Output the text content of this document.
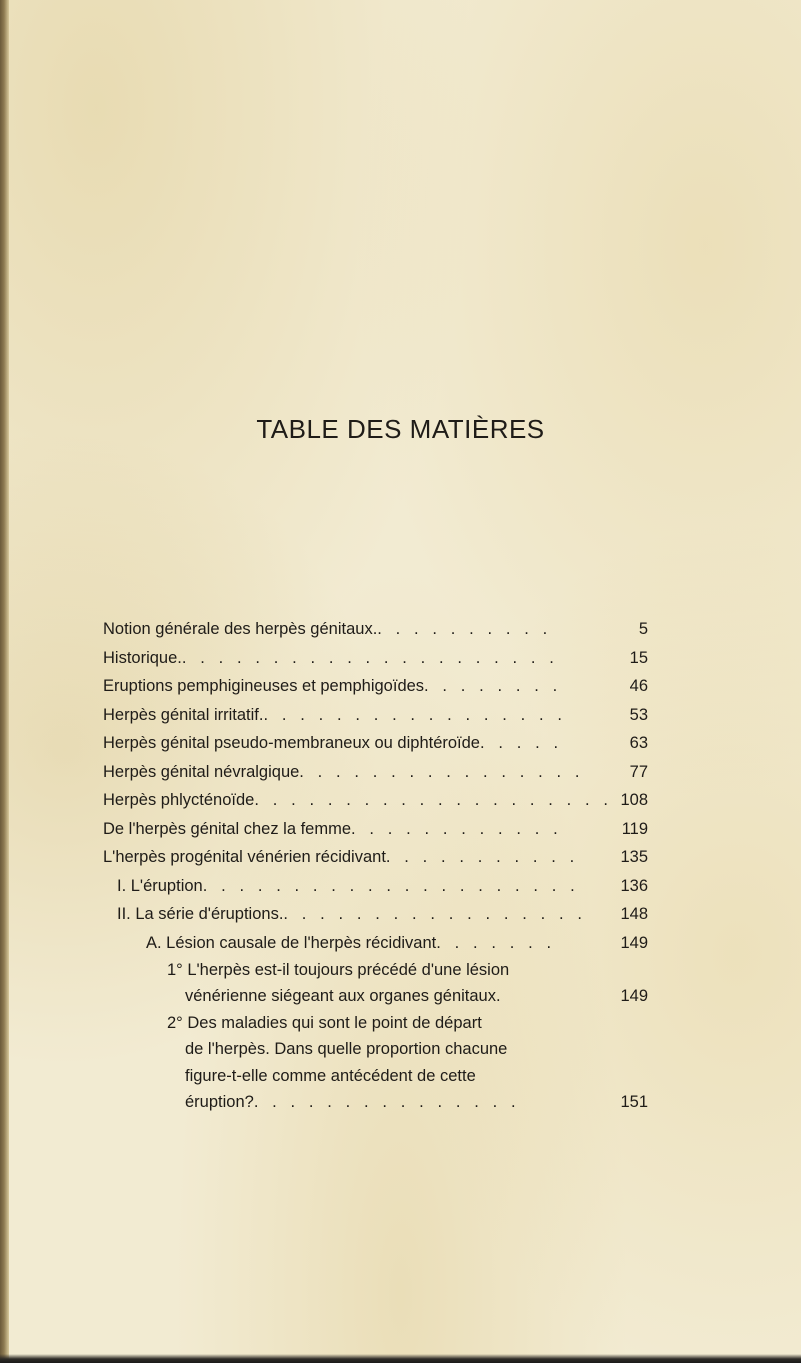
TABLE DES MATIÈRES
Notion générale des herpès génitaux.. . . . . . . . . .	5
Historique.. . . . . . . . . . . . . . . . . . . . .	15
Eruptions pemphigineuses et pemphigoïdes. . . . . . . .	46
Herpès génital irritatif.. . . . . . . . . . . . . . . . .	53
Herpès génital pseudo-membraneux ou diphtéroïde. . . . .	63
Herpès génital névralgique. . . . . . . . . . . . . . . .	77
Herpès phlycténoïde. . . . . . . . . . . . . . . . . . . . 108
De l'herpès génital chez la femme. . . . . . . . . . . .	119
L'herpès progénital vénérien récidivant. . . . . . . . . . .	135
I. L'éruption. . . . . . . . . . . . . . . . . . . . . 136
II. La série d'éruptions.. . . . . . . . . . . . . . . . . 148
A. Lésion causale de l'herpès récidivant. . . . . . .	149
1° L'herpès est-il toujours précédé d'une lésion
vénérienne siégeant aux organes génitaux.	149
2° Des maladies qui sont le point de départ
de l'herpès. Dans quelle proportion chacune
figure-t-elle comme antécédent de cette
éruption?. . . . . . . . . . . . . . .	151
